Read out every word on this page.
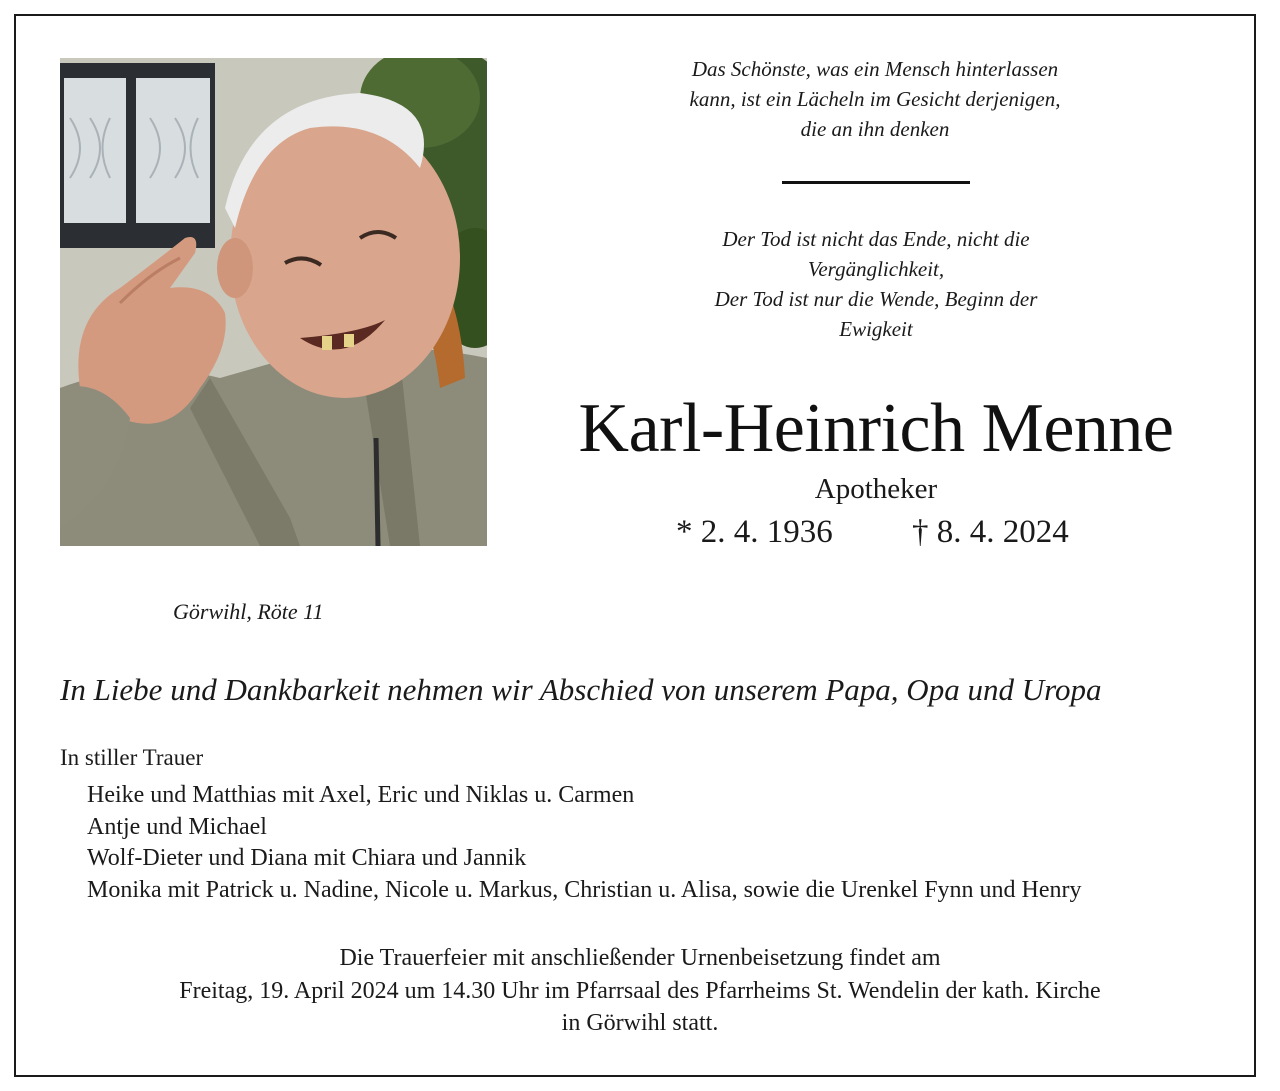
Das Schönste, was ein Mensch hinterlassen
kann, ist ein Lächeln im Gesicht derjenigen,
die an ihn denken
Der Tod ist nicht das Ende, nicht die
Vergänglichkeit,
Der Tod ist nur die Wende, Beginn der
Ewigkeit
Karl-Heinrich Menne
Apotheker
* 2. 4. 1936 † 8. 4. 2024
Görwihl, Röte 11
In Liebe und Dankbarkeit nehmen wir Abschied von unserem Papa, Opa und Uropa
In stiller Trauer
Heike und Matthias mit Axel, Eric und Niklas u. Carmen
Antje und Michael
Wolf-Dieter und Diana mit Chiara und Jannik
Monika mit Patrick u. Nadine, Nicole u. Markus, Christian u. Alisa, sowie die Urenkel Fynn und Henry
Die Trauerfeier mit anschließender Urnenbeisetzung findet am
Freitag, 19. April 2024 um 14.30 Uhr im Pfarrsaal des Pfarrheims St. Wendelin der kath. Kirche
in Görwihl statt.
